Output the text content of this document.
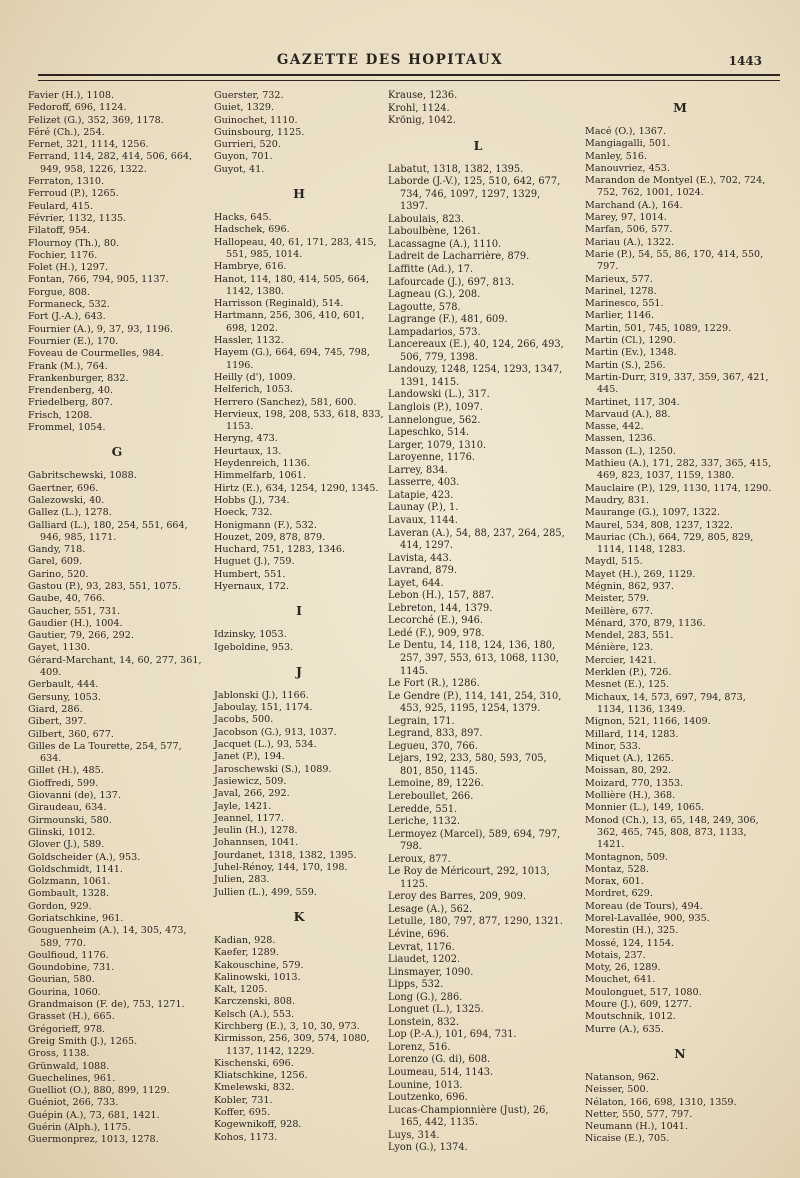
GAZETTE DES HOPITAUX	1443
Favier (H.), 1108.
Fedoroff, 696, 1124.
Felizet (G.), 352, 369, 1178.
Féré (Ch.), 254.
Fernet, 321, 1114, 1256.
Ferrand, 114, 282, 414, 506, 664, 949, 958, 1226, 1322.
Ferraton, 1310.
Ferroud (P.), 1265.
Feulard, 415.
Février, 1132, 1135.
Filatoff, 954.
Flournoy (Th.), 80.
Fochier, 1176.
Folet (H.), 1297.
Fontan, 766, 794, 905, 1137.
Forgue, 808.
Formaneck, 532.
Fort (J.-A.), 643.
Fournier (A.), 9, 37, 93, 1196.
Fournier (E.), 170.
Foveau de Courmelles, 984.
Frank (M.), 764.
Frankenburger, 832.
Frendenberg, 40.
Friedelberg, 807.
Frisch, 1208.
Frommel, 1054.
G
Gabritschewski, 1088.
Gaertner, 696.
Galezowski, 40.
Gallez (L.), 1278.
Galliard (L.), 180, 254, 551, 664, 946, 985, 1171.
Gandy, 718.
Garel, 609.
Garino, 520.
Gastou (P.), 93, 283, 551, 1075.
Gaube, 40, 766.
Gaucher, 551, 731.
Gaudier (H.), 1004.
Gautier, 79, 266, 292.
Gayet, 1130.
Gérard-Marchant, 14, 60, 277, 361, 409.
Gerbault, 444.
Gersuny, 1053.
Giard, 286.
Gibert, 397.
Gilbert, 360, 677.
Gilles de La Tourette, 254, 577, 634.
Gillet (H.), 485.
Gioffredi, 599.
Giovanni (de), 137.
Giraudeau, 634.
Girmounski, 580.
Glinski, 1012.
Glover (J.), 589.
Goldscheider (A.), 953.
Goldschmidt, 1141.
Golzmann, 1061.
Gombault, 1328.
Gordon, 929.
Goriatschkine, 961.
Gouguenheim (A.), 14, 305, 473, 589, 770.
Goulfioud, 1176.
Goundobine, 731.
Gourian, 580.
Gourina, 1060.
Grandmaison (F. de), 753, 1271.
Grasset (H.), 665.
Grégorieff, 978.
Greig Smith (J.), 1265.
Gross, 1138.
Grünwald, 1088.
Guechelines, 961.
Guelliot (O.), 880, 899, 1129.
Guéniot, 266, 733.
Guépin (A.), 73, 681, 1421.
Guérin (Alph.), 1175.
Guermonprez, 1013, 1278.
Guerster, 732.
Guiet, 1329.
Guinochet, 1110.
Guinsbourg, 1125.
Gurrieri, 520.
Guyon, 701.
Guyot, 41.
H
Hacks, 645.
Hadschek, 696.
Hallopeau, 40, 61, 171, 283, 415, 551, 985, 1014.
Hambrye, 616.
Hanot, 114, 180, 414, 505, 664, 1142, 1380.
Harrisson (Reginald), 514.
Hartmann, 256, 306, 410, 601, 698, 1202.
Hassler, 1132.
Hayem (G.), 664, 694, 745, 798, 1196.
Heilly (d'), 1009.
Helferich, 1053.
Herrero (Sanchez), 581, 600.
Hervieux, 198, 208, 533, 618, 833, 1153.
Heryng, 473.
Heurtaux, 13.
Heydenreich, 1136.
Himmelfarb, 1061.
Hirtz (E.), 634, 1254, 1290, 1345.
Hobbs (J.), 734.
Hoeck, 732.
Honigmann (F.), 532.
Houzet, 209, 878, 879.
Huchard, 751, 1283, 1346.
Huguet (J.), 759.
Humbert, 551.
Hyernaux, 172.
I
Idzinsky, 1053.
Igeboldine, 953.
J
Jablonski (J.), 1166.
Jaboulay, 151, 1174.
Jacobs, 500.
Jacobson (G.), 913, 1037.
Jacquet (L.), 93, 534.
Janet (P.), 194.
Jaroschewski (S.), 1089.
Jasiewicz, 509.
Javal, 266, 292.
Jayle, 1421.
Jeannel, 1177.
Jeulin (H.), 1278.
Johannsen, 1041.
Jourdanet, 1318, 1382, 1395.
Juhel-Rénoy, 144, 170, 198.
Julien, 283.
Jullien (L.), 499, 559.
K
Kadian, 928.
Kaefer, 1289.
Kakouschine, 579.
Kalinowski, 1013.
Kalt, 1205.
Karczenski, 808.
Kelsch (A.), 553.
Kirchberg (E.), 3, 10, 30, 973.
Kirmisson, 256, 309, 574, 1080, 1137, 1142, 1229.
Kischenski, 696.
Kliatschkine, 1256.
Kmelewski, 832.
Kobler, 731.
Koffer, 695.
Kogewnikoff, 928.
Kohos, 1173.
Krause, 1236.
Krohl, 1124.
Krönig, 1042.
L
Labatut, 1318, 1382, 1395.
Laborde (J.-V.), 125, 510, 642, 677, 734, 746, 1097, 1297, 1329, 1397.
Laboulais, 823.
Laboulbène, 1261.
Lacassagne (A.), 1110.
Ladreit de Lacharrière, 879.
Laffitte (Ad.), 17.
Lafourcade (J.), 697, 813.
Lagneau (G.), 208.
Lagoutte, 578.
Lagrange (F.), 481, 609.
Lampadarios, 573.
Lancereaux (E.), 40, 124, 266, 493, 506, 779, 1398.
Landouzy, 1248, 1254, 1293, 1347, 1391, 1415.
Landowski (L.), 317.
Langlois (P.), 1097.
Lannelongue, 562.
Lapeschko, 514.
Larger, 1079, 1310.
Laroyenne, 1176.
Larrey, 834.
Lasserre, 403.
Latapie, 423.
Launay (P.), 1.
Lavaux, 1144.
Laveran (A.), 54, 88, 237, 264, 285, 414, 1297.
Lavista, 443.
Lavrand, 879.
Layet, 644.
Lebon (H.), 157, 887.
Lebreton, 144, 1379.
Lecorché (E.), 946.
Ledé (F.), 909, 978.
Le Dentu, 14, 118, 124, 136, 180, 257, 397, 553, 613, 1068, 1130, 1145.
Le Fort (R.), 1286.
Le Gendre (P.), 114, 141, 254, 310, 453, 925, 1195, 1254, 1379.
Legrain, 171.
Legrand, 833, 897.
Legueu, 370, 766.
Lejars, 192, 233, 580, 593, 705, 801, 850, 1145.
Lemoine, 89, 1226.
Lereboullet, 266.
Leredde, 551.
Leriche, 1132.
Lermoyez (Marcel), 589, 694, 797, 798.
Leroux, 877.
Le Roy de Méricourt, 292, 1013, 1125.
Leroy des Barres, 209, 909.
Lesage (A.), 562.
Letulle, 180, 797, 877, 1290, 1321.
Lévine, 696.
Levrat, 1176.
Liaudet, 1202.
Linsmayer, 1090.
Lipps, 532.
Long (G.), 286.
Longuet (L.), 1325.
Lonstein, 832.
Lop (P.-A.), 101, 694, 731.
Lorenz, 516.
Lorenzo (G. di), 608.
Loumeau, 514, 1143.
Lounine, 1013.
Loutzenko, 696.
Lucas-Championnière (Just), 26, 165, 442, 1135.
Luys, 314.
Lyon (G.), 1374.
M
Macé (O.), 1367.
Mangiagalli, 501.
Manley, 516.
Manouvriez, 453.
Marandon de Montyel (E.), 702, 724, 752, 762, 1001, 1024.
Marchand (A.), 164.
Marey, 97, 1014.
Marfan, 506, 577.
Mariau (A.), 1322.
Marie (P.), 54, 55, 86, 170, 414, 550, 797.
Marieux, 577.
Marinel, 1278.
Marinesco, 551.
Marlier, 1146.
Martin, 501, 745, 1089, 1229.
Martin (Cl.), 1290.
Martin (Ev.), 1348.
Martin (S.), 256.
Martin-Durr, 319, 337, 359, 367, 421, 445.
Martinet, 117, 304.
Marvaud (A.), 88.
Masse, 442.
Massen, 1236.
Masson (L.), 1250.
Mathieu (A.), 171, 282, 337, 365, 415, 469, 823, 1037, 1159, 1380.
Mauclaire (P.), 129, 1130, 1174, 1290.
Maudry, 831.
Maurange (G.), 1097, 1322.
Maurel, 534, 808, 1237, 1322.
Mauriac (Ch.), 664, 729, 805, 829, 1114, 1148, 1283.
Maydl, 515.
Mayet (H.), 269, 1129.
Mégnin, 862, 937.
Meister, 579.
Meillère, 677.
Ménard, 370, 879, 1136.
Mendel, 283, 551.
Ménière, 123.
Mercier, 1421.
Merklen (P.), 726.
Mesnet (E.), 125.
Michaux, 14, 573, 697, 794, 873, 1134, 1136, 1349.
Mignon, 521, 1166, 1409.
Millard, 114, 1283.
Minor, 533.
Miquet (A.), 1265.
Moissan, 80, 292.
Moizard, 770, 1353.
Mollière (H.), 368.
Monnier (L.), 149, 1065.
Monod (Ch.), 13, 65, 148, 249, 306, 362, 465, 745, 808, 873, 1133, 1421.
Montagnon, 509.
Montaz, 528.
Morax, 601.
Mordret, 629.
Moreau (de Tours), 494.
Morel-Lavallée, 900, 935.
Morestin (H.), 325.
Mossé, 124, 1154.
Motais, 237.
Moty, 26, 1289.
Mouchet, 641.
Moulonguet, 517, 1080.
Moure (J.), 609, 1277.
Moutschnik, 1012.
Murre (A.), 635.
N
Natanson, 962.
Neisser, 500.
Nélaton, 166, 698, 1310, 1359.
Netter, 550, 577, 797.
Neumann (H.), 1041.
Nicaise (E.), 705.
